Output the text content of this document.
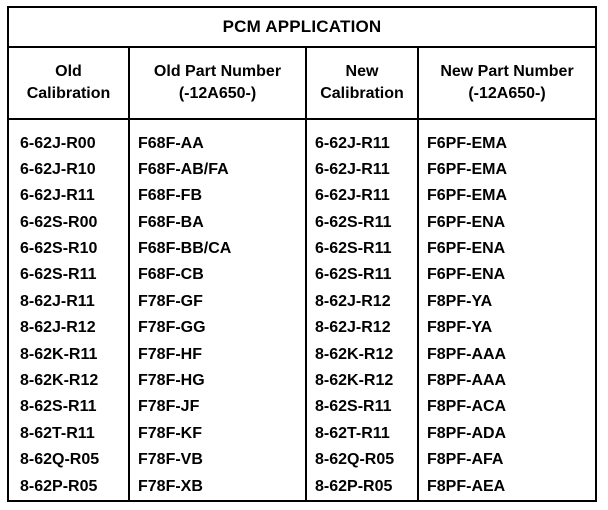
PCM APPLICATION
Old
Calibration
Old Part Number
(-12A650-)
New
Calibration
New Part Number
(-12A650-)
6-62J-R00
6-62J-R10
6-62J-R11
6-62S-R00
6-62S-R10
6-62S-R11
8-62J-R11
8-62J-R12
8-62K-R11
8-62K-R12
8-62S-R11
8-62T-R11
8-62Q-R05
8-62P-R05
F68F-AA
F68F-AB/FA
F68F-FB
F68F-BA
F68F-BB/CA
F68F-CB
F78F-GF
F78F-GG
F78F-HF
F78F-HG
F78F-JF
F78F-KF
F78F-VB
F78F-XB
6-62J-R11
6-62J-R11
6-62J-R11
6-62S-R11
6-62S-R11
6-62S-R11
8-62J-R12
8-62J-R12
8-62K-R12
8-62K-R12
8-62S-R11
8-62T-R11
8-62Q-R05
8-62P-R05
F6PF-EMA
F6PF-EMA
F6PF-EMA
F6PF-ENA
F6PF-ENA
F6PF-ENA
F8PF-YA
F8PF-YA
F8PF-AAA
F8PF-AAA
F8PF-ACA
F8PF-ADA
F8PF-AFA
F8PF-AEA
